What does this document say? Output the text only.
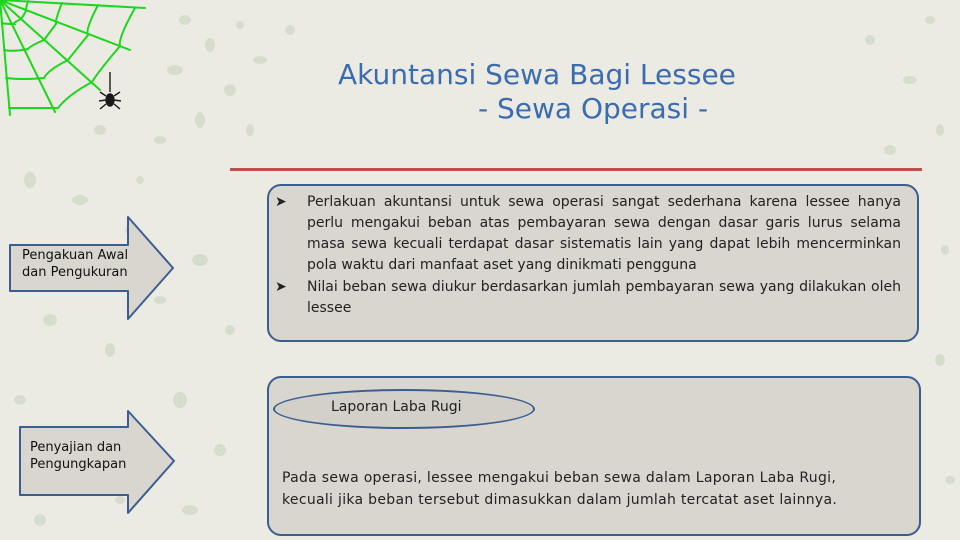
Akuntansi Sewa Bagi Lessee
- Sewa Operasi -
Pengakuan Awal
dan Pengukuran
Penyajian dan
Pengungkapan
➤ Perlakuan akuntansi untuk sewa operasi sangat sederhana karena lessee hanya perlu mengakui beban atas pembayaran sewa dengan dasar garis lurus selama masa sewa kecuali terdapat dasar sistematis lain yang dapat lebih mencerminkan pola waktu dari manfaat aset yang dinikmati pengguna
➤ Nilai beban sewa diukur berdasarkan jumlah pembayaran sewa yang dilakukan oleh lessee
Laporan Laba Rugi
Pada sewa operasi, lessee mengakui beban sewa dalam Laporan Laba Rugi,
kecuali jika beban tersebut dimasukkan dalam jumlah tercatat aset lainnya.
